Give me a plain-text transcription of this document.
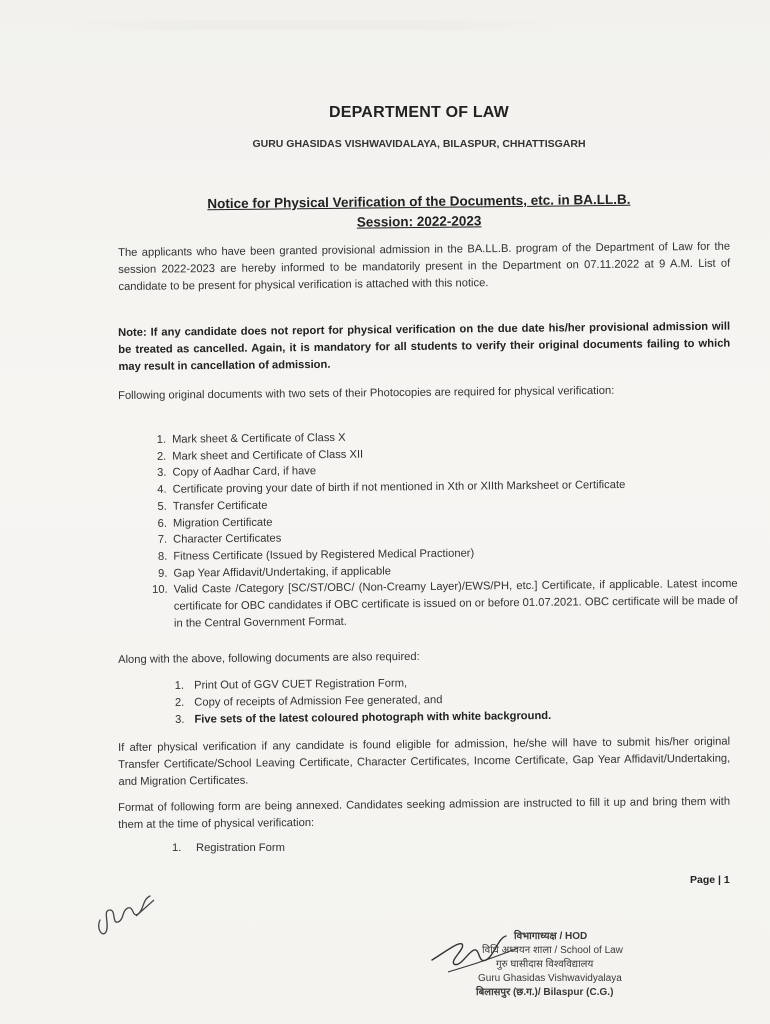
DEPARTMENT OF LAW
GURU GHASIDAS VISHWAVIDALAYA, BILASPUR, CHHATTISGARH
Notice for Physical Verification of the Documents, etc. in BA.LL.B.
Session: 2022-2023
The applicants who have been granted provisional admission in the BA.LL.B. program of the Department of Law for the session 2022-2023 are hereby informed to be mandatorily present in the Department on 07.11.2022 at 9 A.M. List of candidate to be present for physical verification is attached with this notice.
Note: If any candidate does not report for physical verification on the due date his/her provisional admission will be treated as cancelled. Again, it is mandatory for all students to verify their original documents failing to which may result in cancellation of admission.
Following original documents with two sets of their Photocopies are required for physical verification:
1. Mark sheet & Certificate of Class X
2. Mark sheet and Certificate of Class XII
3. Copy of Aadhar Card, if have
4. Certificate proving your date of birth if not mentioned in Xth or XIIth Marksheet or Certificate
5. Transfer Certificate
6. Migration Certificate
7. Character Certificates
8. Fitness Certificate (Issued by Registered Medical Practioner)
9. Gap Year Affidavit/Undertaking, if applicable
10. Valid Caste /Category [SC/ST/OBC/ (Non-Creamy Layer)/EWS/PH, etc.] Certificate, if applicable. Latest income certificate for OBC candidates if OBC certificate is issued on or before 01.07.2021. OBC certificate will be made of in the Central Government Format.
Along with the above, following documents are also required:
1. Print Out of GGV CUET Registration Form,
2. Copy of receipts of Admission Fee generated, and
3. Five sets of the latest coloured photograph with white background.
If after physical verification if any candidate is found eligible for admission, he/she will have to submit his/her original Transfer Certificate/School Leaving Certificate, Character Certificates, Income Certificate, Gap Year Affidavit/Undertaking, and Migration Certificates.
Format of following form are being annexed. Candidates seeking admission are instructed to fill it up and bring them with them at the time of physical verification:
1.	Registration Form
Page | 1
विभागाध्यक्ष / HOD
विधि अध्ययन शाला / School of Law
गुरु घासीदास विश्वविद्यालय
Guru Ghasidas Vishwavidyalaya
बिलासपुर (छ.ग.)/ Bilaspur (C.G.)
